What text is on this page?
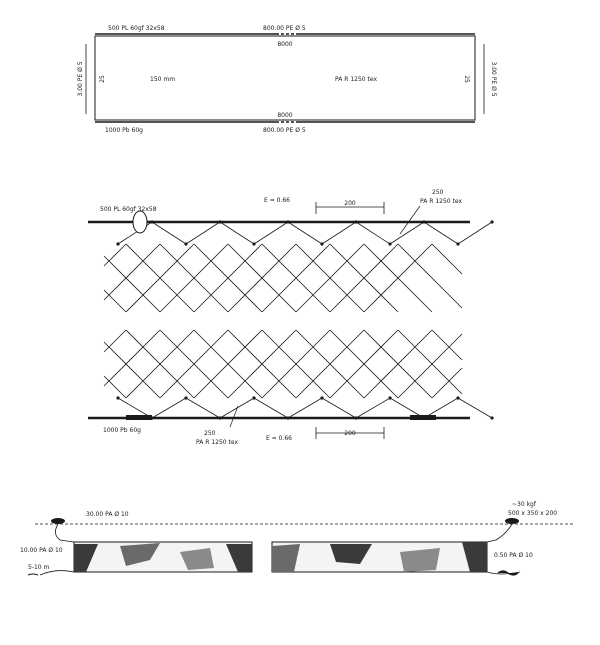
500 PL 60gf 32x58	800.00 PE Ø 5
8000
3.00 PE Ø 5	3.00 PE Ø 5
25	25
150 mm	PA R 1250 tex
8000
1000 Pb 60g	800.00 PE Ø 5
500 PL 60gf 32x58
E = 0.66	200
250
PA R 1250 tex
1000 Pb 60g	250
PA R 1250 tex
E = 0.66
200
30.00 PA Ø 10
~30 kgf
500 x 350 x 200
10.00 PA Ø 10
5-10 m
0.50 PA Ø 10
